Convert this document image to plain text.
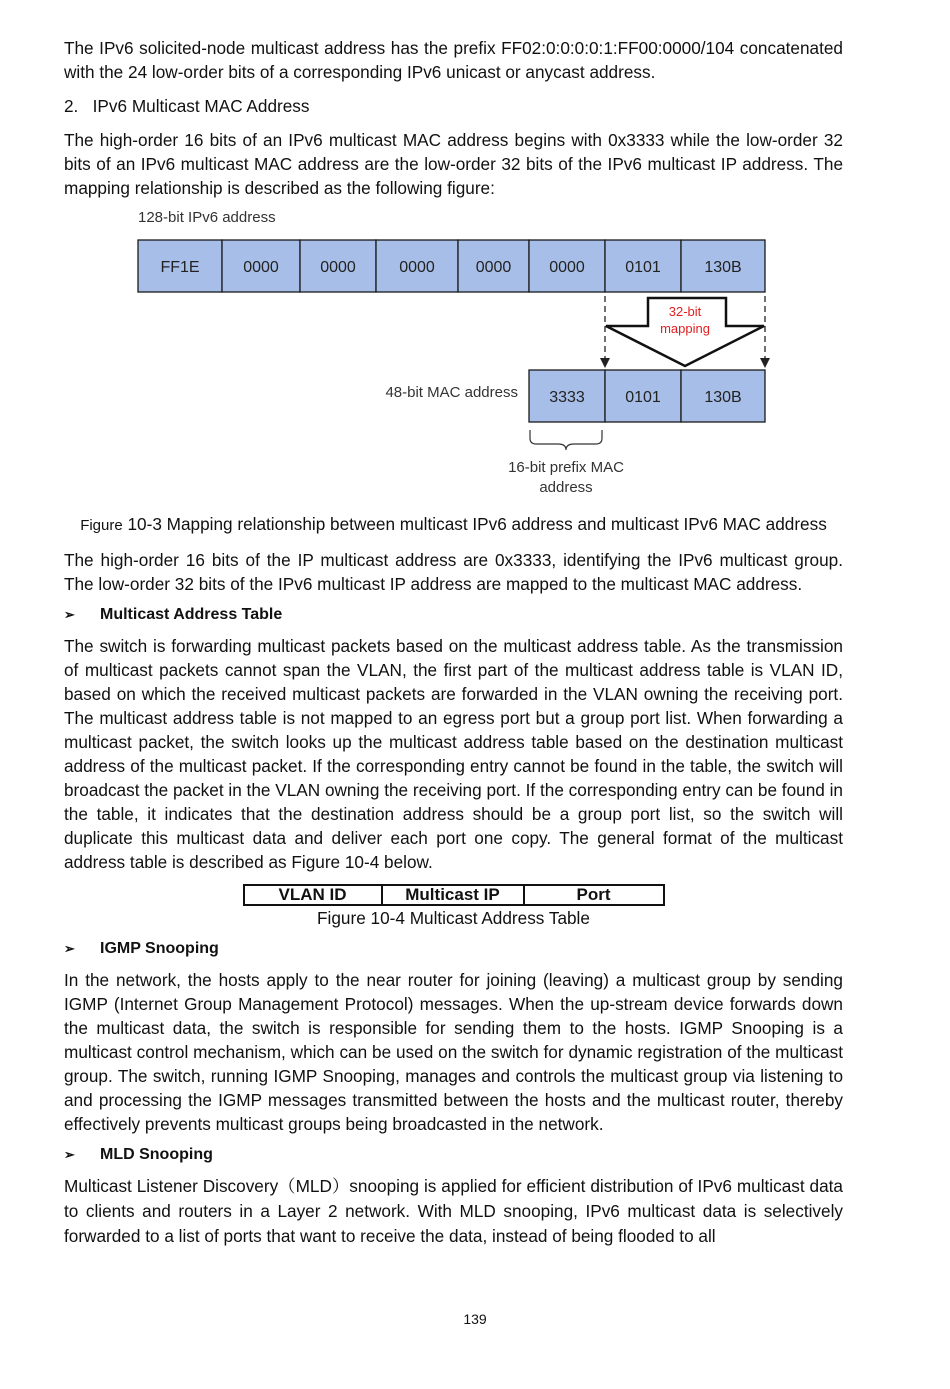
The IPv6 solicited-node multicast address has the prefix FF02:0:0:0:0:1:FF00:0000/104 concatenated with the 24 low-order bits of a corresponding IPv6 unicast or anycast address.

2.   IPv6 Multicast MAC Address

The high-order 16 bits of an IPv6 multicast MAC address begins with 0x3333 while the low-order 32 bits of an IPv6 multicast MAC address are the low-order 32 bits of the IPv6 multicast IP address. The mapping relationship is described as the following figure:

128-bit IPv6 address
FF1E	0000	0000	0000	0000 0000	0101	130B
3333	0101	130B
32-bit
mapping
48-bit MAC address
16-bit prefix MAC
address

Figure 10-3 Mapping relationship between multicast IPv6 address and multicast IPv6 MAC address

The high-order 16 bits of the IP multicast address are 0x3333, identifying the IPv6 multicast group. The low-order 32 bits of the IPv6 multicast IP address are mapped to the multicast MAC address.

➢	Multicast Address Table

The switch is forwarding multicast packets based on the multicast address table. As the transmission of multicast packets cannot span the VLAN, the first part of the multicast address table is VLAN ID, based on which the received multicast packets are forwarded in the VLAN owning the receiving port. The multicast address table is not mapped to an egress port but a group port list. When forwarding a multicast packet, the switch looks up the multicast address table based on the destination multicast address of the multicast packet. If the corresponding entry cannot be found in the table, the switch will broadcast the packet in the VLAN owning the receiving port. If the corresponding entry can be found in the table, it indicates that the destination address should be a group port list, so the switch will duplicate this multicast data and deliver each port one copy. The general format of the multicast address table is described as Figure 10-4 below.

VLAN ID	Multicast IP	Port

Figure 10-4 Multicast Address Table

➢	IGMP Snooping

In the network, the hosts apply to the near router for joining (leaving) a multicast group by sending IGMP (Internet Group Management Protocol) messages. When the up-stream device forwards down the multicast data, the switch is responsible for sending them to the hosts. IGMP Snooping is a multicast control mechanism, which can be used on the switch for dynamic registration of the multicast group. The switch, running IGMP Snooping, manages and controls the multicast group via listening to and processing the IGMP messages transmitted between the hosts and the multicast router, thereby effectively prevents multicast groups being broadcasted in the network.

➢	MLD Snooping

Multicast Listener Discovery（MLD）snooping is applied for efficient distribution of IPv6 multicast data to clients and routers in a Layer 2 network. With MLD snooping, IPv6 multicast data is selectively forwarded to a list of ports that want to receive the data, instead of being flooded to all

139
